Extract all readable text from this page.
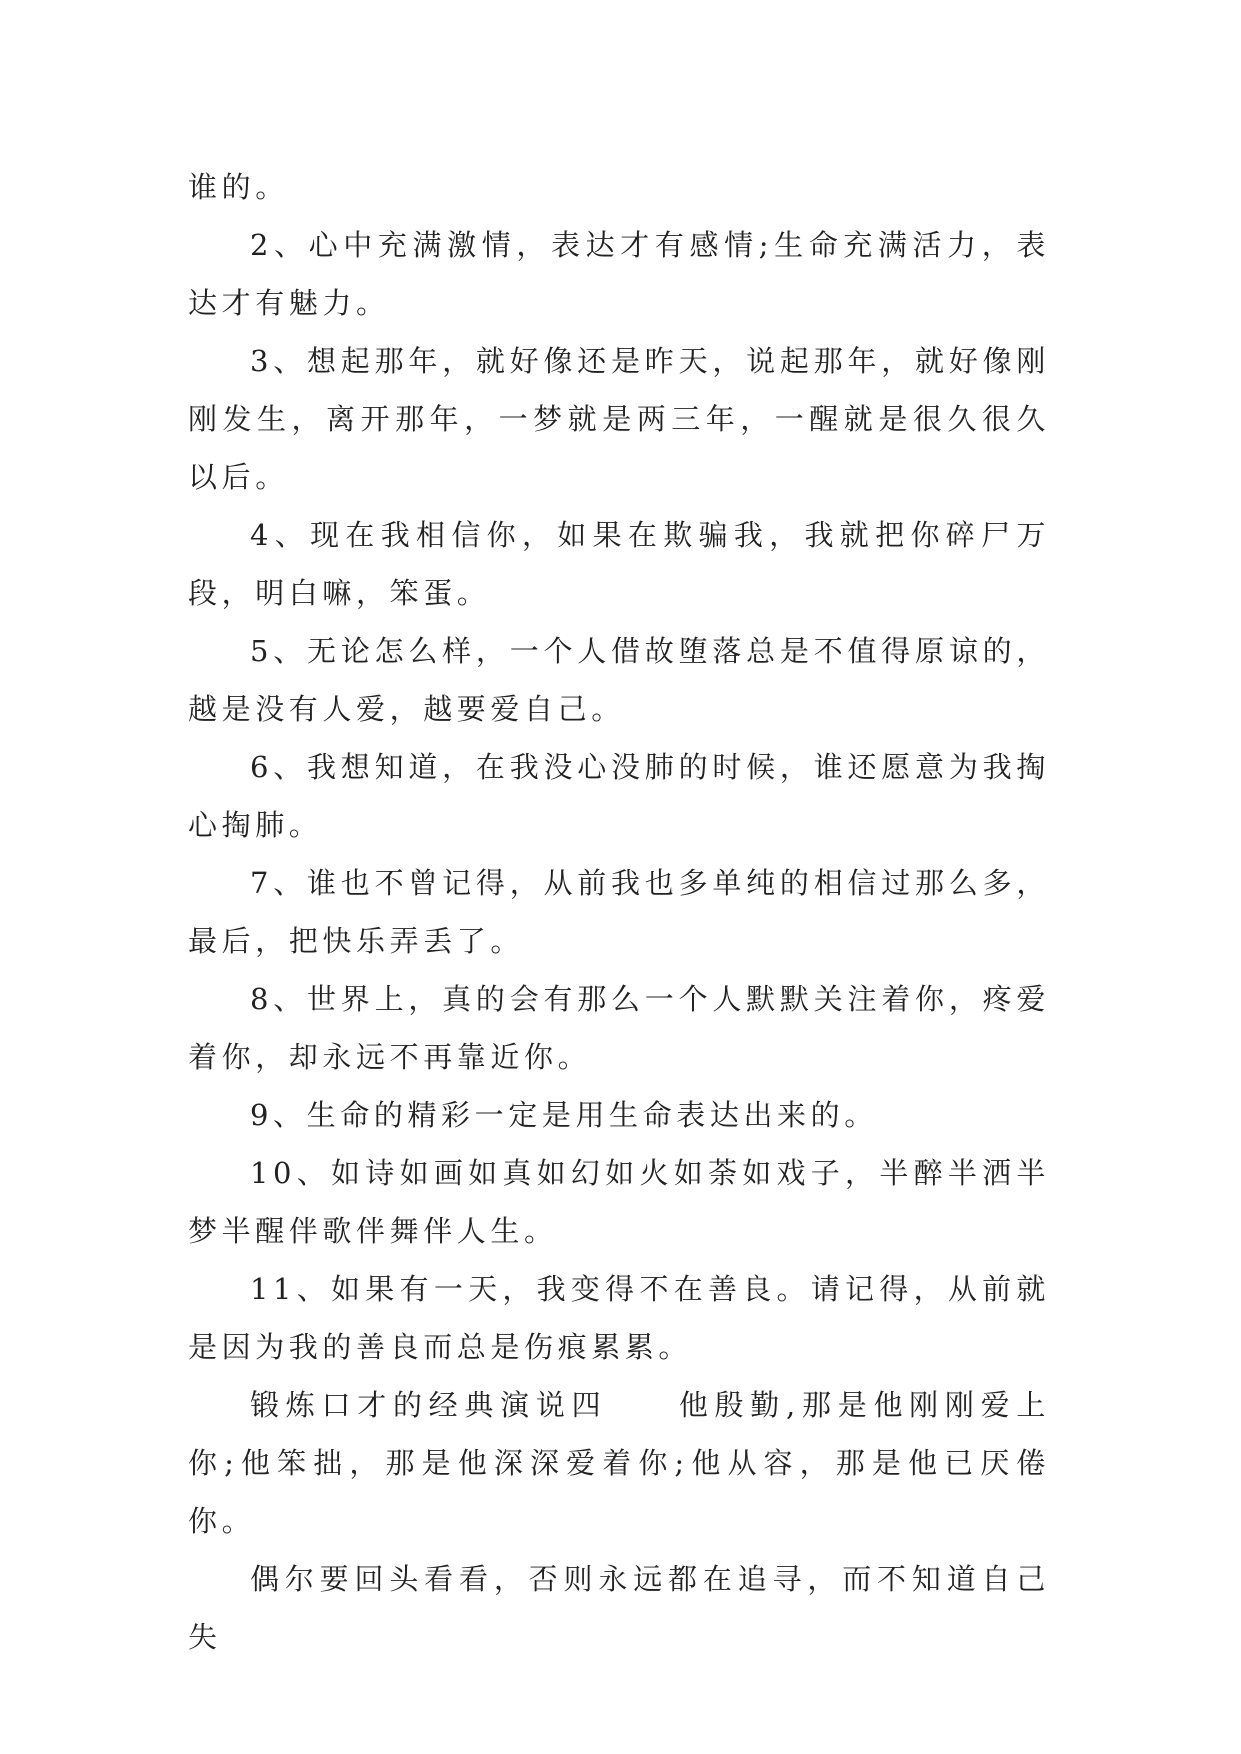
谁的。

2、心中充满激情，表达才有感情;生命充满活力，表达才有魅力。

3、想起那年，就好像还是昨天，说起那年，就好像刚刚发生，离开那年，一梦就是两三年，一醒就是很久很久以后。

4、现在我相信你，如果在欺骗我，我就把你碎尸万段，明白嘛，笨蛋。

5、无论怎么样，一个人借故堕落总是不值得原谅的，越是没有人爱，越要爱自己。

6、我想知道，在我没心没肺的时候，谁还愿意为我掏心掏肺。

7、谁也不曾记得，从前我也多单纯的相信过那么多，最后，把快乐弄丢了。

8、世界上，真的会有那么一个人默默关注着你，疼爱着你，却永远不再靠近你。

9、生命的精彩一定是用生命表达出来的。

10、如诗如画如真如幻如火如荼如戏子，半醉半洒半梦半醒伴歌伴舞伴人生。

11、如果有一天，我变得不在善良。请记得，从前就是因为我的善良而总是伤痕累累。

锻炼口才的经典演说四　　他殷勤,那是他刚刚爱上你;他笨拙，那是他深深爱着你;他从容，那是他已厌倦你。

偶尔要回头看看，否则永远都在追寻，而不知道自己失
